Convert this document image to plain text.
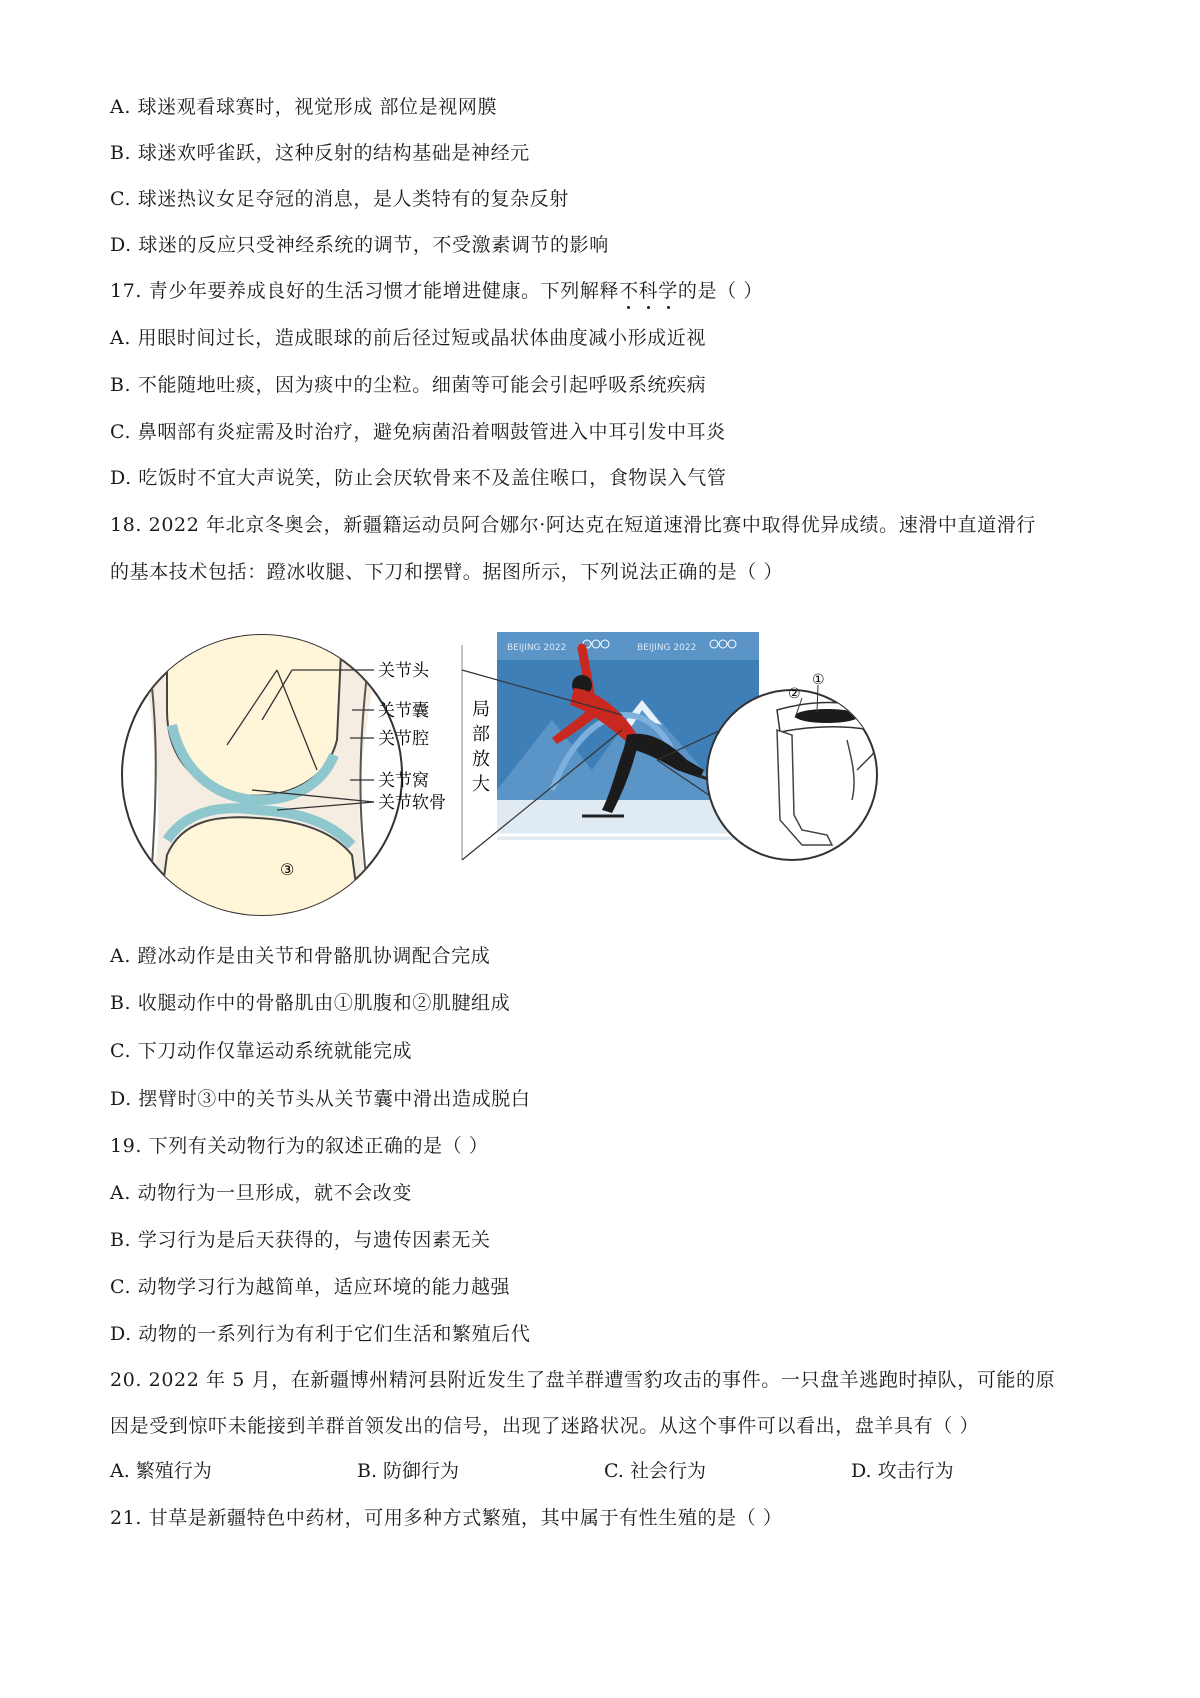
A. 球迷观看球赛时，视觉形成 部位是视网膜
B. 球迷欢呼雀跃，这种反射的结构基础是神经元
C. 球迷热议女足夺冠的消息，是人类特有的复杂反射
D. 球迷的反应只受神经系统的调节，不受激素调节的影响
17. 青少年要养成良好的生活习惯才能增进健康。下列解释不科学的是（ ）
A. 用眼时间过长，造成眼球的前后径过短或晶状体曲度减小形成近视
B. 不能随地吐痰，因为痰中的尘粒。细菌等可能会引起呼吸系统疾病
C. 鼻咽部有炎症需及时治疗，避免病菌沿着咽鼓管进入中耳引发中耳炎
D. 吃饭时不宜大声说笑，防止会厌软骨来不及盖住喉口，食物误入气管
18. 2022 年北京冬奥会，新疆籍运动员阿合娜尔·阿达克在短道速滑比赛中取得优异成绩。速滑中直道滑行
的基本技术包括：蹬冰收腿、下刀和摆臂。据图所示，下列说法正确的是（ ）
关节头
关节囊
关节腔
关节窝
关节软骨
③
局
部
放
大
BEIJING 2022	BEIJING 2022
①
②
A. 蹬冰动作是由关节和骨骼肌协调配合完成
B. 收腿动作中的骨骼肌由①肌腹和②肌腱组成
C. 下刀动作仅靠运动系统就能完成
D. 摆臂时③中的关节头从关节囊中滑出造成脱白
19. 下列有关动物行为的叙述正确的是（ ）
A. 动物行为一旦形成，就不会改变
B. 学习行为是后天获得的，与遗传因素无关
C. 动物学习行为越简单，适应环境的能力越强
D. 动物的一系列行为有利于它们生活和繁殖后代
20. 2022 年 5 月，在新疆博州精河县附近发生了盘羊群遭雪豹攻击的事件。一只盘羊逃跑时掉队，可能的原
因是受到惊吓未能接到羊群首领发出的信号，出现了迷路状况。从这个事件可以看出，盘羊具有（ ）
A. 繁殖行为	B. 防御行为	C. 社会行为	D. 攻击行为
21. 甘草是新疆特色中药材，可用多种方式繁殖，其中属于有性生殖的是（ ）
